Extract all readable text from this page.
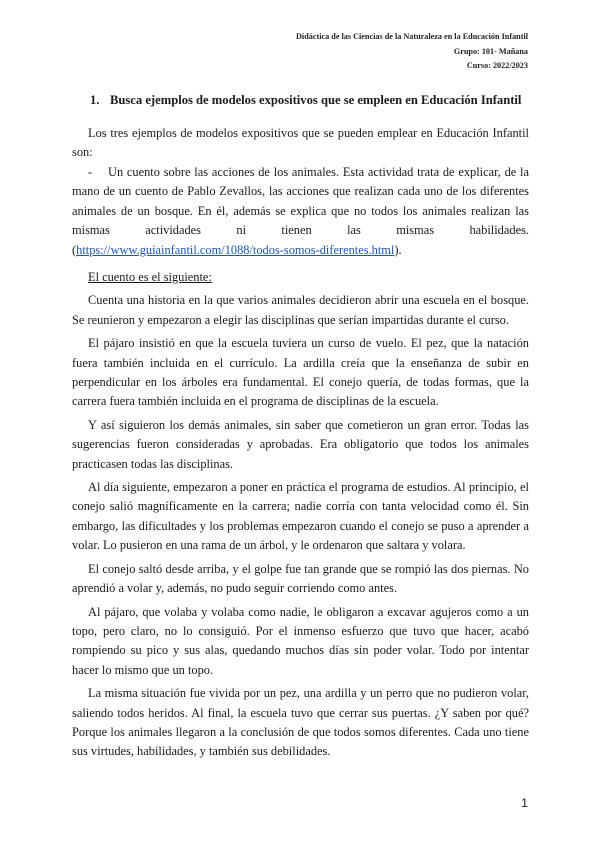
Didáctica de las Ciencias de la Naturaleza en la Educación Infantil
Grupo: 101- Mañana
Curso: 2022/2023
1. Busca ejemplos de modelos expositivos que se empleen en Educación Infantil

Los tres ejemplos de modelos expositivos que se pueden emplear en Educación Infantil son:

- Un cuento sobre las acciones de los animales. Esta actividad trata de explicar, de la mano de un cuento de Pablo Zevallos, las acciones que realizan cada uno de los diferentes animales de un bosque. En él, además se explica que no todos los animales realizan las mismas actividades ni tienen las mismas habilidades. (https://www.guiainfantil.com/1088/todos-somos-diferentes.html).

El cuento es el siguiente:

Cuenta una historia en la que varios animales decidieron abrir una escuela en el bosque. Se reunieron y empezaron a elegir las disciplinas que serían impartidas durante el curso.

El pájaro insistió en que la escuela tuviera un curso de vuelo. El pez, que la natación fuera también incluida en el currículo. La ardilla creía que la enseñanza de subir en perpendicular en los árboles era fundamental. El conejo quería, de todas formas, que la carrera fuera también incluida en el programa de disciplinas de la escuela.

Y así siguieron los demás animales, sin saber que cometieron un gran error. Todas las sugerencias fueron consideradas y aprobadas. Era obligatorio que todos los animales practicasen todas las disciplinas.

Al día siguiente, empezaron a poner en práctica el programa de estudios. Al principio, el conejo salió magníficamente en la carrera; nadie corría con tanta velocidad como él. Sin embargo, las dificultades y los problemas empezaron cuando el conejo se puso a aprender a volar. Lo pusieron en una rama de un árbol, y le ordenaron que saltara y volara.

El conejo saltó desde arriba, y el golpe fue tan grande que se rompió las dos piernas. No aprendió a volar y, además, no pudo seguir corriendo como antes.

Al pájaro, que volaba y volaba como nadie, le obligaron a excavar agujeros como a un topo, pero claro, no lo consiguió. Por el inmenso esfuerzo que tuvo que hacer, acabó rompiendo su pico y sus alas, quedando muchos días sin poder volar. Todo por intentar hacer lo mismo que un topo.

La misma situación fue vivida por un pez, una ardilla y un perro que no pudieron volar, saliendo todos heridos. Al final, la escuela tuvo que cerrar sus puertas. ¿Y saben por qué? Porque los animales llegaron a la conclusión de que todos somos diferentes. Cada uno tiene sus virtudes, habilidades, y también sus debilidades.

1
